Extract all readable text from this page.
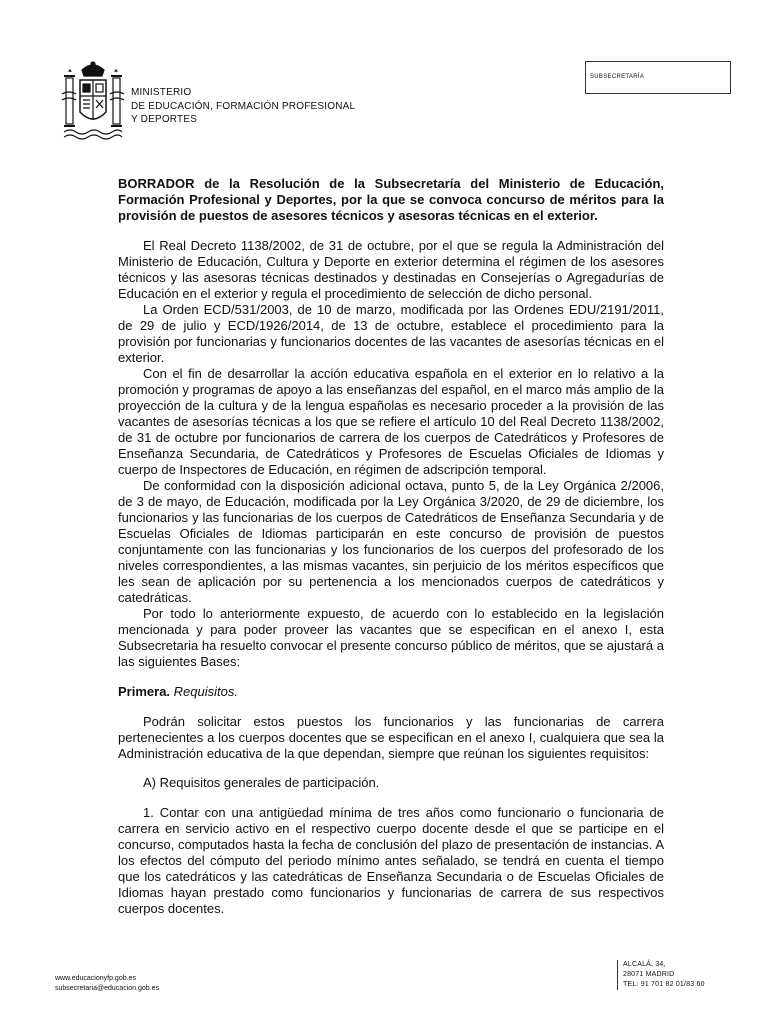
MINISTERIO
DE EDUCACIÓN, FORMACIÓN PROFESIONAL
Y DEPORTES
SUBSECRETARÍA

BORRADOR de la Resolución de la Subsecretaría del Ministerio de Educación, Formación Profesional y Deportes, por la que se convoca concurso de méritos para la provisión de puestos de asesores técnicos y asesoras técnicas en el exterior.

El Real Decreto 1138/2002, de 31 de octubre, por el que se regula la Administración del Ministerio de Educación, Cultura y Deporte en exterior determina el régimen de los asesores técnicos y las asesoras técnicas destinados y destinadas en Consejerías o Agregadurías de Educación en el exterior y regula el procedimiento de selección de dicho personal.

La Orden ECD/531/2003, de 10 de marzo, modificada por las Ordenes EDU/2191/2011, de 29 de julio y ECD/1926/2014, de 13 de octubre, establece el procedimiento para la provisión por funcionarias y funcionarios docentes de las vacantes de asesorías técnicas en el exterior.

Con el fin de desarrollar la acción educativa española en el exterior en lo relativo a la promoción y programas de apoyo a las enseñanzas del español, en el marco más amplio de la proyección de la cultura y de la lengua españolas es necesario proceder a la provisión de las vacantes de asesorías técnicas a los que se refiere el artículo 10 del Real Decreto 1138/2002, de 31 de octubre por funcionarios de carrera de los cuerpos de Catedráticos y Profesores de Enseñanza Secundaria, de Catedráticos y Profesores de Escuelas Oficiales de Idiomas y cuerpo de Inspectores de Educación, en régimen de adscripción temporal.

De conformidad con la disposición adicional octava, punto 5, de la Ley Orgánica 2/2006, de 3 de mayo, de Educación, modificada por la Ley Orgánica 3/2020, de 29 de diciembre, los funcionarios y las funcionarias de los cuerpos de Catedráticos de Enseñanza Secundaria y de Escuelas Oficiales de Idiomas participarán en este concurso de provisión de puestos conjuntamente con las funcionarias y los funcionarios de los cuerpos del profesorado de los niveles correspondientes, a las mismas vacantes, sin perjuicio de los méritos específicos que les sean de aplicación por su pertenencia a los mencionados cuerpos de catedráticos y catedráticas.

Por todo lo anteriormente expuesto, de acuerdo con lo establecido en la legislación mencionada y para poder proveer las vacantes que se especifican en el anexo I, esta Subsecretaria ha resuelto convocar el presente concurso público de méritos, que se ajustará a las siguientes Bases:

Primera. Requisitos.

Podrán solicitar estos puestos los funcionarios y las funcionarias de carrera pertenecientes a los cuerpos docentes que se especifican en el anexo I, cualquiera que sea la Administración educativa de la que dependan, siempre que reúnan los siguientes requisitos:

A) Requisitos generales de participación.

1. Contar con una antigüedad mínima de tres años como funcionario o funcionaria de carrera en servicio activo en el respectivo cuerpo docente desde el que se participe en el concurso, computados hasta la fecha de conclusión del plazo de presentación de instancias. A los efectos del cómputo del periodo mínimo antes señalado, se tendrá en cuenta el tiempo que los catedráticos y las catedráticas de Enseñanza Secundaria o de Escuelas Oficiales de Idiomas hayan prestado como funcionarios y funcionarias de carrera de sus respectivos cuerpos docentes.

www.educacionyfp.gob.es
subsecretaria@educacion.gob.es
ALCALÁ, 34,
28071 MADRID
TEL: 91 701 82 01/83 60
